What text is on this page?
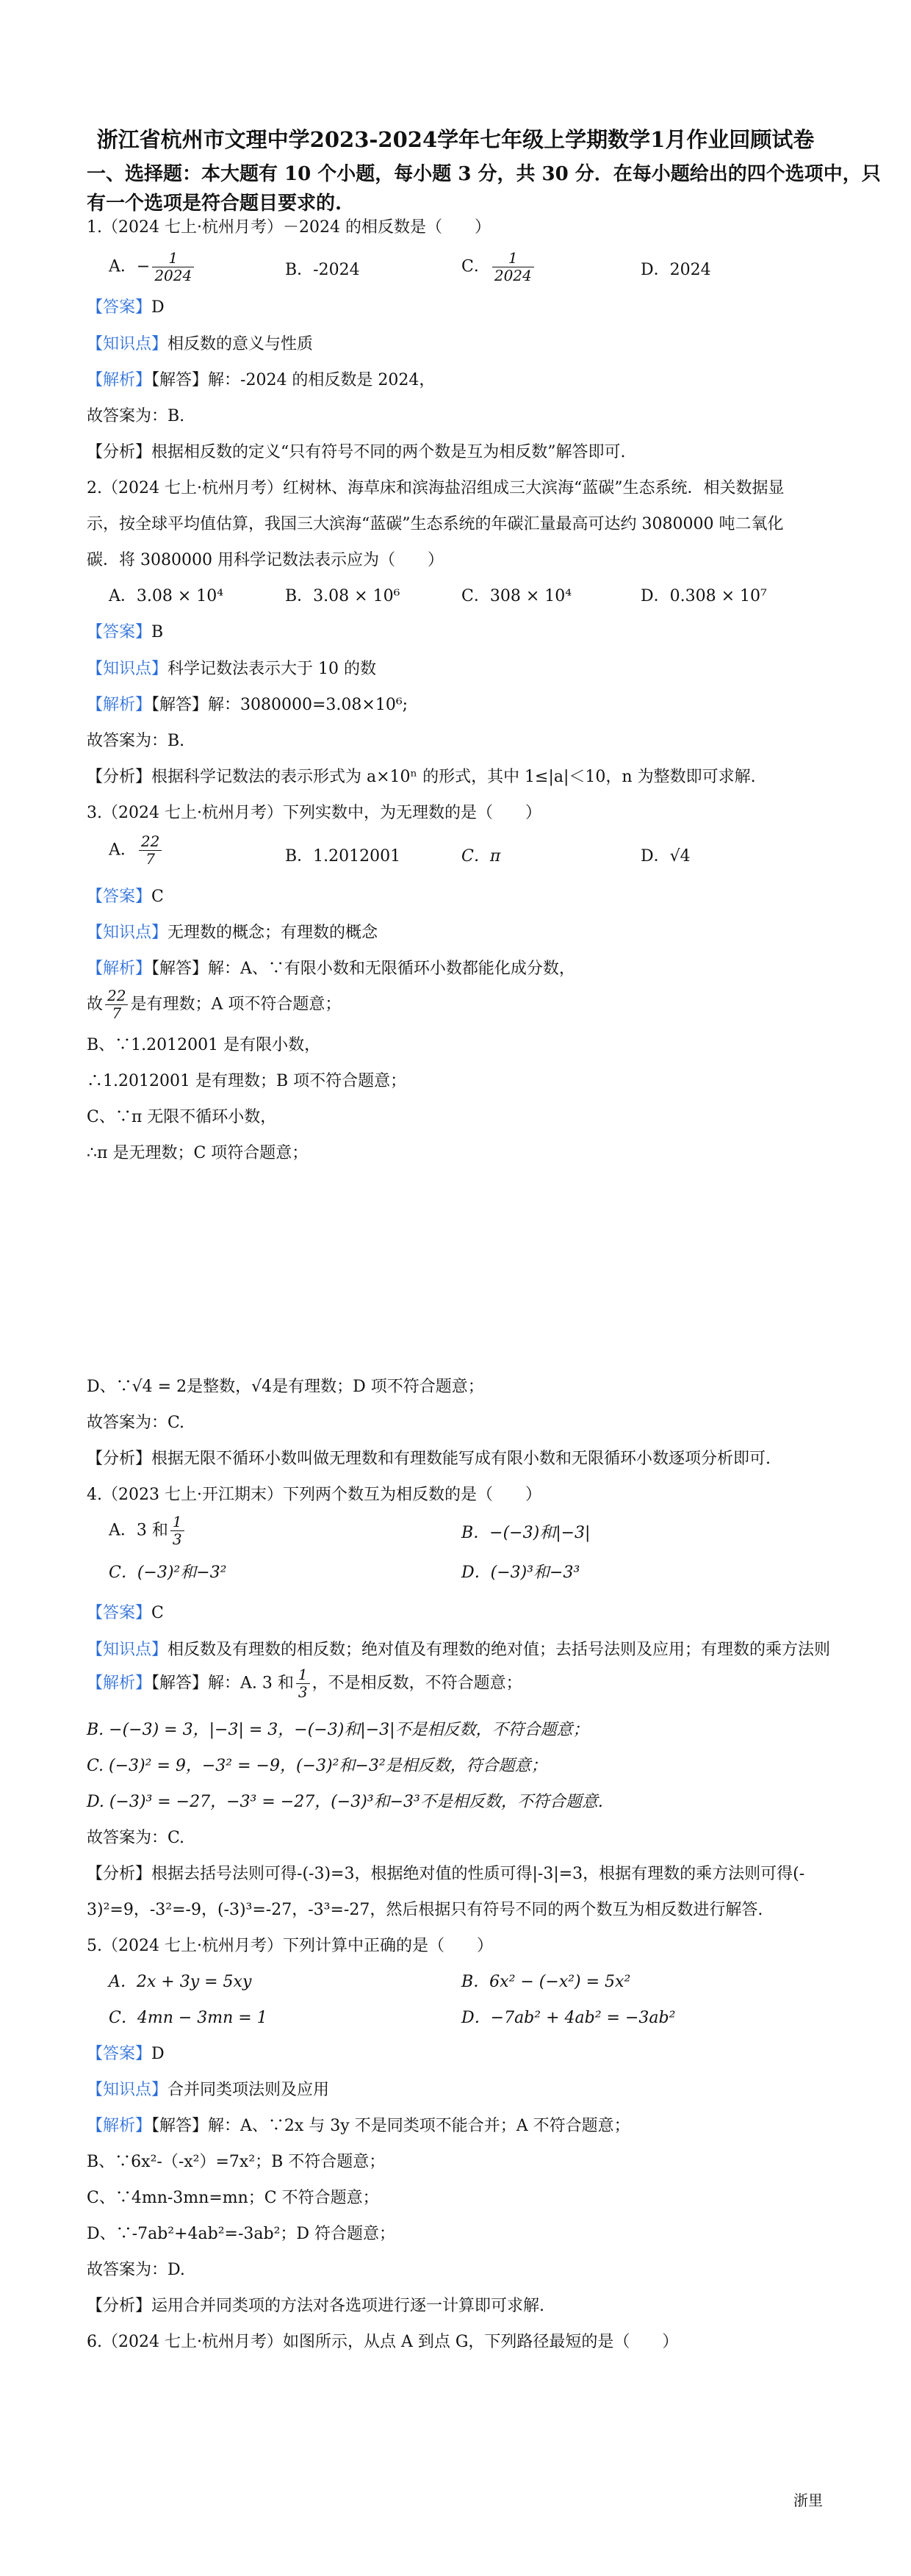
浙江省杭州市文理中学2023-2024学年七年级上学期数学1月作业回顾试卷
一、选择题：本大题有 10 个小题，每小题 3 分，共 30 分．在每小题给出的四个选项中，只
有一个选项是符合题目要求的.
1.（2024 七上·杭州月考）－2024 的相反数是（　　）
A．− $\frac{1}{2024}$	B．-2024	C． $\frac{1}{2024}$	D．2024
【答案】D
【知识点】相反数的意义与性质
【解析】【解答】解：-2024 的相反数是 2024，
故答案为：B.
【分析】根据相反数的定义“只有符号不同的两个数是互为相反数”解答即可.
2.（2024 七上·杭州月考）红树林、海草床和滨海盐沼组成三大滨海“蓝碳”生态系统．相关数据显
示，按全球平均值估算，我国三大滨海“蓝碳”生态系统的年碳汇量最高可达约 3080000 吨二氧化
碳．将 3080000 用科学记数法表示应为（　　）
A．3.08 × 10⁴	B．3.08 × 10⁶	C．308 × 10⁴	D．0.308 × 10⁷
【答案】B
【知识点】科学记数法表示大于 10 的数
【解析】【解答】解：3080000=3.08×10⁶;
故答案为：B.
【分析】根据科学记数法的表示形式为 a×10ⁿ 的形式，其中 1≤|a|＜10，n 为整数即可求解.
3.（2024 七上·杭州月考）下列实数中，为无理数的是（　　）
A． $\frac{22}{7}$	B．1.2012001	C．π	D．√4
【答案】C
【知识点】无理数的概念；有理数的概念
【解析】【解答】解：A、∵有限小数和无限循环小数都能化成分数，
故 $\frac{22}{7}$ 是有理数；A 项不符合题意；
B、∵1.2012001 是有限小数，
∴1.2012001 是有理数；B 项不符合题意；
C、∵π 无限不循环小数，
∴π 是无理数；C 项符合题意；
D、∵√4 = 2是整数，√4是有理数；D 项不符合题意；
故答案为：C.
【分析】根据无限不循环小数叫做无理数和有理数能写成有限小数和无限循环小数逐项分析即可.
4.（2023 七上·开江期末）下列两个数互为相反数的是（　　）
A．3 和 $\frac{1}{3}$	B．−(−3)和|−3|
C．(−3)²和−3²	D．(−3)³和−3³
【答案】C
【知识点】相反数及有理数的相反数；绝对值及有理数的绝对值；去括号法则及应用；有理数的乘方法则
【解析】【解答】解：A. 3 和 $\frac{1}{3}$ ，不是相反数，不符合题意；
B. −(−3) = 3，|−3| = 3，−(−3)和|−3|不是相反数，不符合题意；
C. (−3)² = 9，−3² = −9，(−3)²和−3²是相反数，符合题意；
D. (−3)³ = −27，−3³ = −27，(−3)³和−3³不是相反数，不符合题意.
故答案为：C.
【分析】根据去括号法则可得-(-3)=3，根据绝对值的性质可得|-3|=3，根据有理数的乘方法则可得(-
3)²=9，-3²=-9，(-3)³=-27，-3³=-27，然后根据只有符号不同的两个数互为相反数进行解答.
5.（2024 七上·杭州月考）下列计算中正确的是（　　）
A．2x + 3y = 5xy	B．6x² − (−x²) = 5x²
C．4mn − 3mn = 1	D．−7ab² + 4ab² = −3ab²
【答案】D
【知识点】合并同类项法则及应用
【解析】【解答】解：A、∵2x 与 3y 不是同类项不能合并；A 不符合题意；
B、∵6x²-（-x²）=7x²；B 不符合题意；
C、∵4mn-3mn=mn；C 不符合题意；
D、∵-7ab²+4ab²=-3ab²；D 符合题意；
故答案为：D.
【分析】运用合并同类项的方法对各选项进行逐一计算即可求解.
6.（2024 七上·杭州月考）如图所示，从点 A 到点 G，下列路径最短的是（　　）
浙里
